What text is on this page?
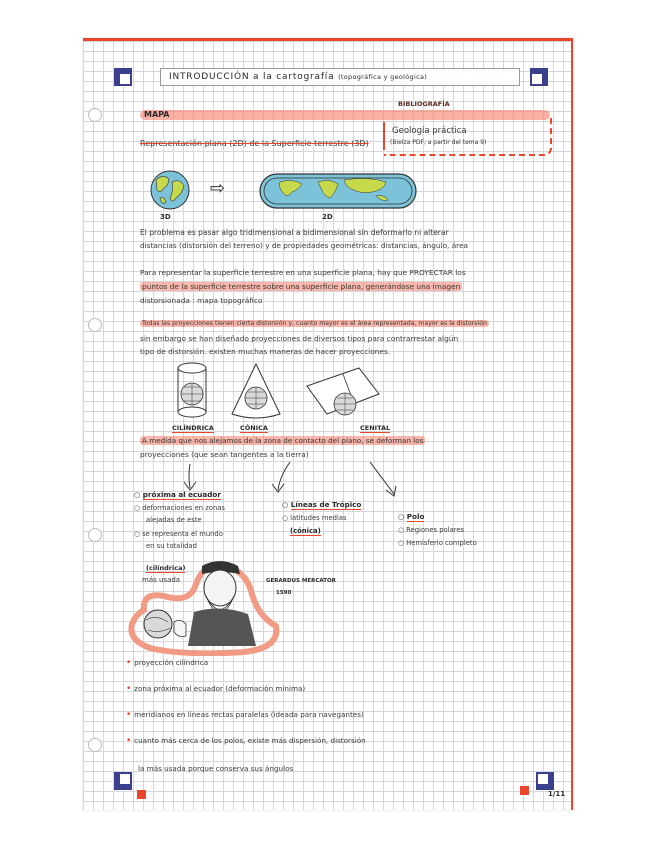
INTRODUCCIÓN a la cartografía (topográfica y geológica)
MAPA
BIBLIOGRAFÍA
Representación plana (2D) de la Superficie terrestre (3D)
Geología práctica
(Bielza PDF, a partir del tema 9)
3D
⇨
2D
El problema es pasar algo tridimensional a bidimensional sin deformarlo ni alterar
distancias (distorsión del terreno) y de propiedades geométricas: distancias, ángulo, área
Para representar la superficie terrestre en una superficie plana, hay que PROYECTAR los
puntos de la superficie terrestre sobre una superficie plana, generándose una imagen
distorsionada : mapa topográfico
Todas las proyecciones tienen cierta distorsión y, cuanto mayor es el área representada, mayor es la distorsión
sin embargo se han diseñado proyecciones de diversos tipos para contrarrestar algún
tipo de distorsión. existen muchas maneras de hacer proyecciones.
CILÍNDRICA	CÓNICA	CENITAL
A medida que nos alejamos de la zona de contacto del plano, se deforman los
proyecciones (que sean tangentes a la tierra)
○ próxima al ecuador
○ deformaciones en zonas
alejadas de este
○ se representa el mundo
en su totalidad
○ Líneas de Trópico
○ latitudes medias
(cónica)
○ Polo
○ Regiones polares
○ Hemisferio completo
(cilíndrica)
más usada	GERARDUS MERCATOR
1590
• proyección cilíndrica
• zona próxima al ecuador (deformación mínima)
• meridianos en líneas rectas paralelas (ideada para navegantes)
• cuanto más cerca de los polos, existe más dispersión, distorsión
la más usada porque conserva sus ángulos
1/11
